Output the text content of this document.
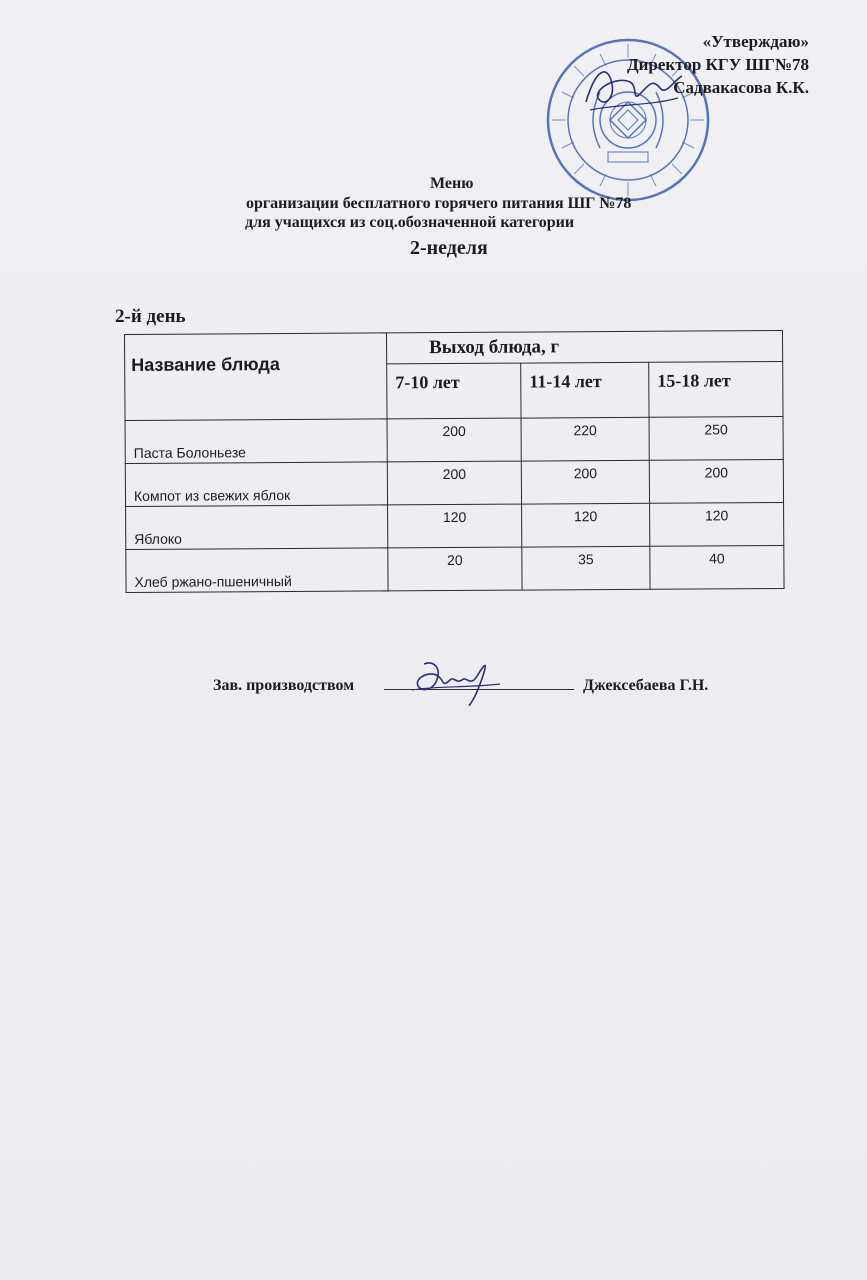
«Утверждаю»
Директор КГУ ШГ№78
Садвакасова К.К.
Меню
организации бесплатного горячего питания ШГ №78
для учащихся из соц.обозначенной категории
2-неделя
2-й день
Название блюда	Выход блюда, г		
	7-10 лет	11-14 лет	15-18 лет
Паста Болоньезе	200	220	250
Компот из свежих яблок	200	200	200
Яблоко	120	120	120
Хлеб ржано-пшеничный	20	35	40
Зав. производством	Джексебаева Г.Н.
